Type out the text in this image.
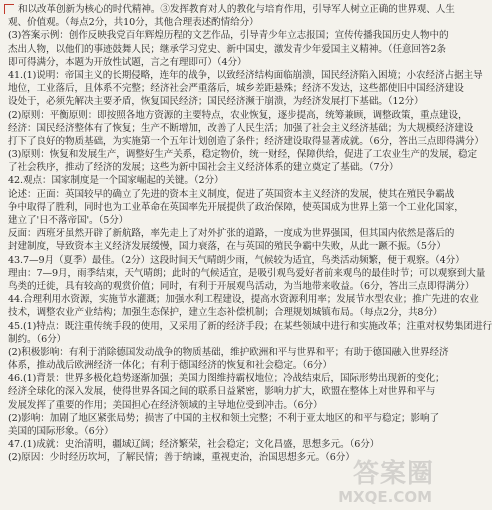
和以改革创新为核心的时代精神。③发挥教育对人的教化与培育作用，引导军人树立正确的世界观、人生
观、价值观。（每点2分，共10分，其他合理表述酌情给分）
(3)答案示例：创作反映我党百年辉煌历程的文艺作品，引导青少年立志报国；宣传传播我国历史人物中的
杰出人物，以他们的事迹鼓舞人民；继承学习党史、新中国史，激发青少年爱国主义精神。（任意回答2条
即可得满分，本题为开放性试题，言之有理即可）（4分）
41.(1)说明：帝国主义的长期侵略，连年的战争，以致经济结构面临崩溃，国民经济陷入困境；小农经济占据主导
地位，工业落后，且体系不完整；经济社会严重落后，城乡差距悬殊；经济不发达，这些都使旧中国经济建设
设处于，必须先解决主要矛盾，恢复国民经济；国民经济濒于崩溃，为经济发展打下基础。（12分）
(2)原则：平衡原则：即按照各地方资源的主要特点，农业恢复，逐步提高，统筹兼顾，调整政策，重点建设，
经济：国民经济整体有了恢复；生产不断增加，改善了人民生活；加强了社会主义经济基础；为大规模经济建设
打下了良好的物质基础，为实施第一个五年计划创造了条件；经济建设取得显著成就。（6分，答出三点即得满分）
(3)原则：恢复和发展生产，调整好生产关系，稳定物价，统一财经，保障供给，促进了工农业生产的发展，稳定
了社会秩序，推动了经济的发展；这些为新中国社会主义经济体系的建立奠定了基础。（7分）
42.观点：国家制度是一个国家崛起的关键。（2分）
论述：正面：英国较早的确立了先进的资本主义制度，促进了英国资本主义经济的发展，使其在殖民争霸战
争中取得了胜利，同时也为工业革命在英国率先开展提供了政治保障，使英国成为世界上第一个工业化国家，
建立了'日不落帝国'。（5分）
反面：西班牙虽然开辟了新航路，率先走上了对外扩张的道路，一度成为世界强国，但其国内依然是落后的
封建制度，导致资本主义经济发展缓慢，国力衰落，在与英国的殖民争霸中失败，从此一蹶不振。（5分）
43.7—9月（夏季）最佳。（2分）这段时间天气晴朗少雨，气候较为适宜，鸟类活动频繁，便于观察。（4分）
理由：7—9月，雨季结束，天气晴朗；此时的气候适宜，是吸引观鸟爱好者前来观鸟的最佳时节；可以观察到大量
鸟类的迁徙，具有较高的观赏价值；同时，有利于开展观鸟活动，为当地带来收益。（6分，答出三点即得满分）
44.合理利用水资源，实施节水灌溉；加强水利工程建设，提高水资源利用率；发展节水型农业；推广先进的农业
技术，调整农业产业结构；加强生态保护，建立生态补偿机制；合理规划城镇布局。（每点2分，共8分）
45.(1)特点：既注重传统手段的使用，又采用了新的经济手段；在某些领域中进行和实施改革；注重对权势集团进行
制约。（6分）
(2)积极影响：有利于消除德国发动战争的物质基础，维护欧洲和平与世界和平；有助于德国融入世界经济
体系，推动战后欧洲经济一体化；有利于德国经济的恢复和社会稳定。（6分）
46.(1)背景：世界多极化趋势逐渐加强；美国力图维持霸权地位；冷战结束后，国际形势出现新的变化；
经济全球化的深入发展，使得世界各国之间的联系日益紧密，影响力扩大，欧盟在整体上对世界和平与
发展发挥了重要的作用；美国担心在经济领域的主导地位受到冲击。（6分）
(2)影响：加剧了地区紧张局势；损害了中国的主权和领土完整；不利于亚太地区的和平与稳定；影响了
美国的国际形象。（6分）
47.(1)成就：史治清明，疆域辽阔；经济繁荣，社会稳定；文化昌盛，思想多元。（6分）
(2)原因：少时经历坎坷，了解民情；善于纳谏，重视吏治，治国思想多元。（6分）
答案圈
MXQE.COM
